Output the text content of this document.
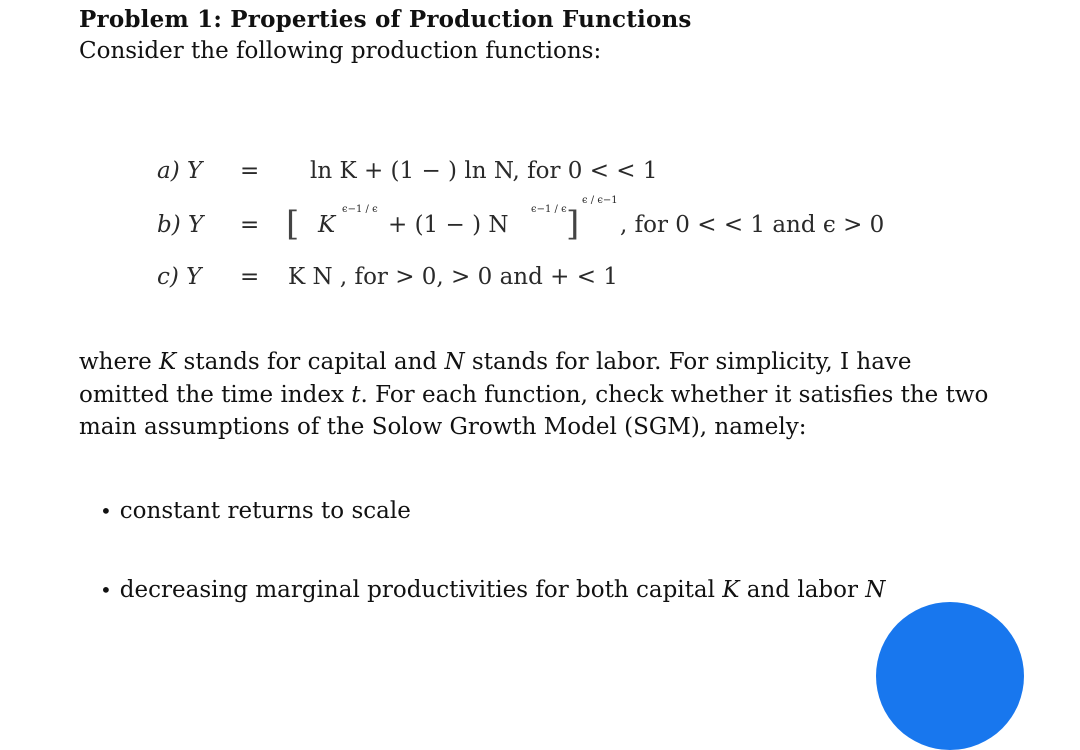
Problem 1: Properties of Production Functions
Consider the following production functions:
a) Y = ln K + (1 − ) ln N, for 0 < < 1
b) Y = [ K
ϵ−1 / ϵ
+ (1 − ) N
ϵ−1 / ϵ ]
ϵ / ϵ−1
, for 0 < < 1 and ϵ > 0
c) Y = K N , for > 0, > 0 and + < 1

where K stands for capital and N stands for labor. For simplicity, I have

omitted the time index t. For each function, check whether it satisfies the two

main assumptions of the Solow Growth Model (SGM), namely:

• constant returns to scale
• decreasing marginal productivities for both capital K and labor N
